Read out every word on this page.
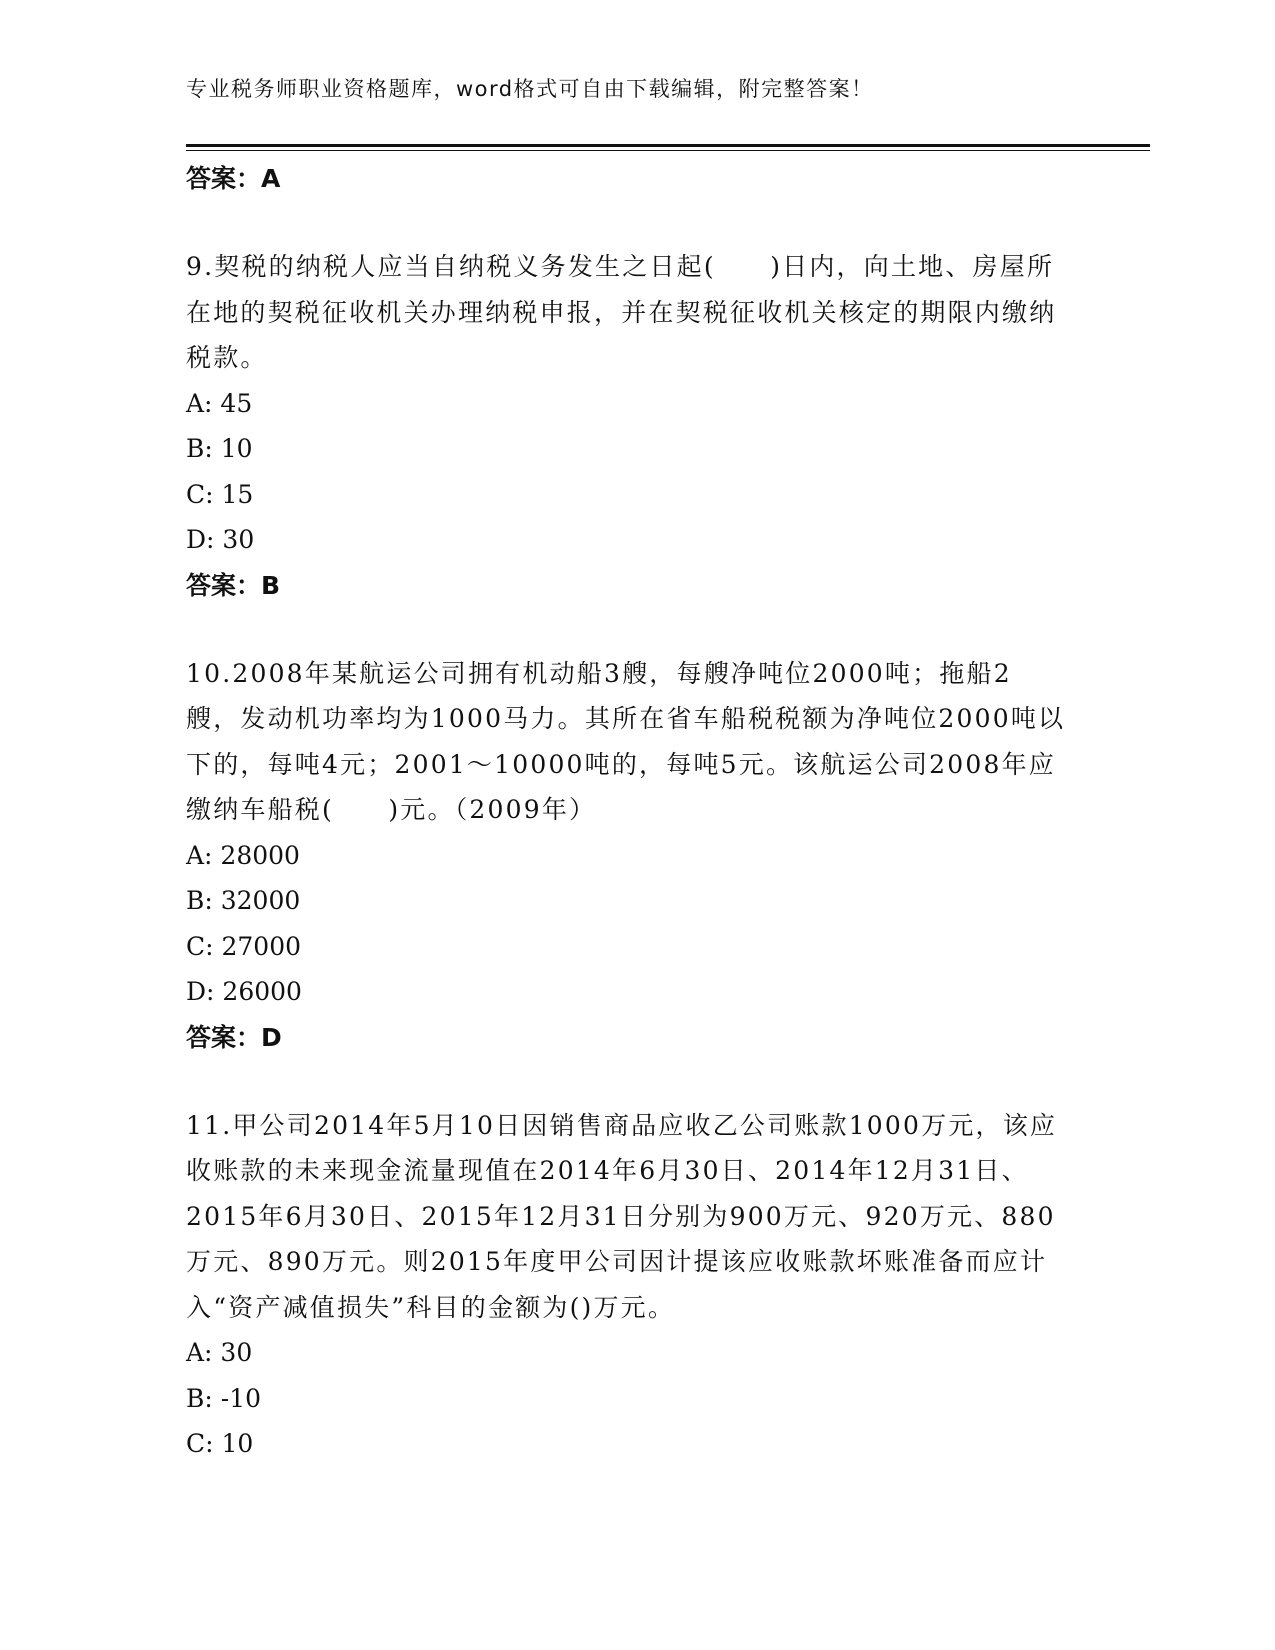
专业税务师职业资格题库，word格式可自由下载编辑，附完整答案！
答案：A

9.契税的纳税人应当自纳税义务发生之日起(　　)日内，向土地、房屋所在地的契税征收机关办理纳税申报，并在契税征收机关核定的期限内缴纳税款。

A: 45
B: 10
C: 15
D: 30
答案：B

10.2008年某航运公司拥有机动船3艘，每艘净吨位2000吨；拖船2艘，发动机功率均为1000马力。其所在省车船税税额为净吨位2000吨以下的，每吨4元；2001～10000吨的，每吨5元。该航运公司2008年应缴纳车船税(　　)元。（2009年）

A: 28000
B: 32000
C: 27000
D: 26000
答案：D

11.甲公司2014年5月10日因销售商品应收乙公司账款1000万元，该应收账款的未来现金流量现值在2014年6月30日、2014年12月31日、2015年6月30日、2015年12月31日分别为900万元、920万元、880万元、890万元。则2015年度甲公司因计提该应收账款坏账准备而应计入“资产减值损失”科目的金额为()万元。

A: 30
B: -10
C: 10
